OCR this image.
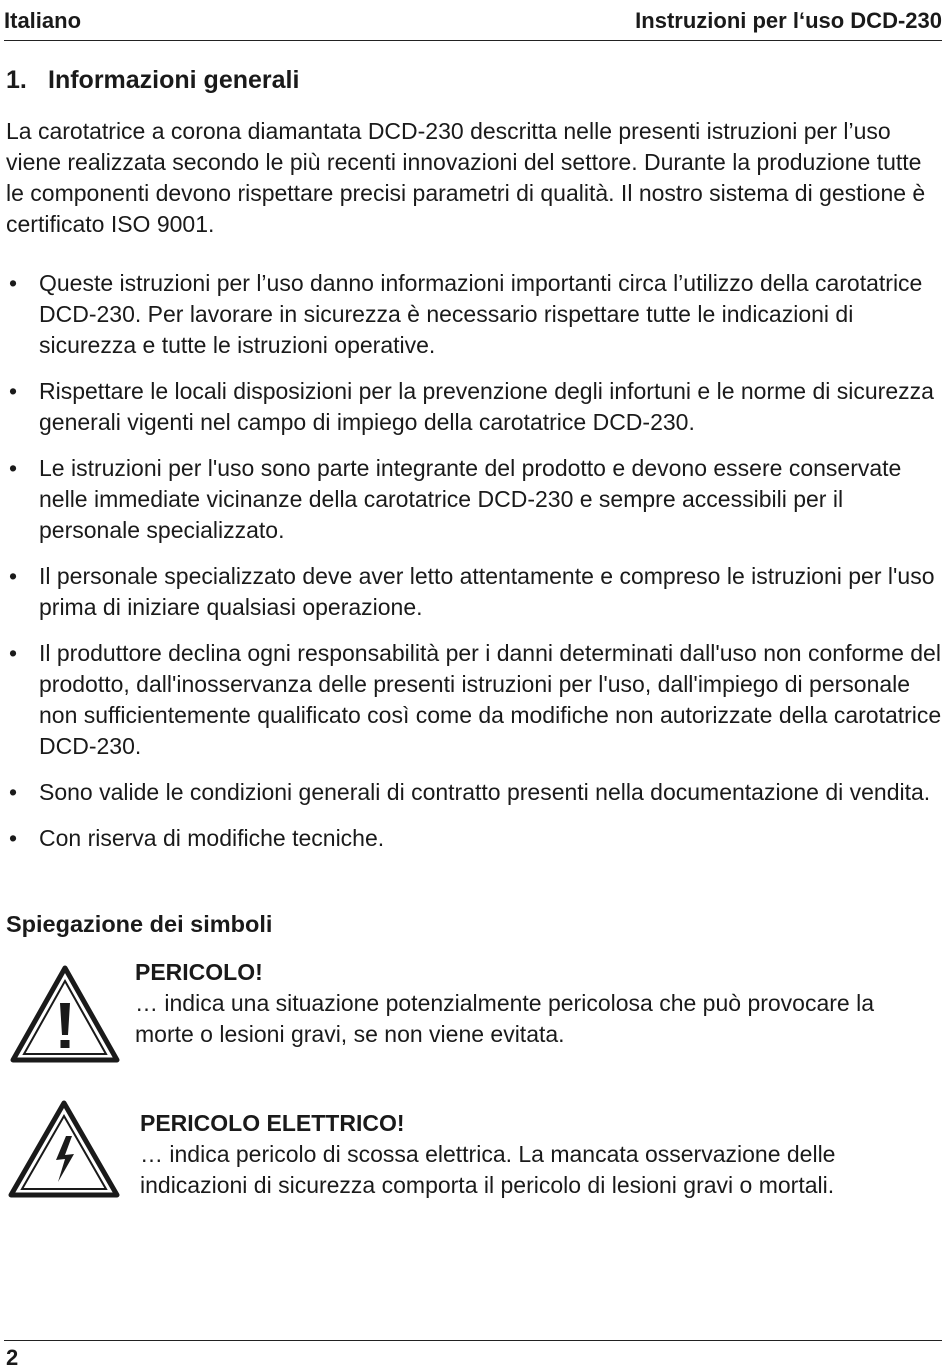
Italiano	Instruzioni per l‘uso DCD-230
1. Informazioni generali

La carotatrice a corona diamantata DCD-230 descritta nelle presenti istruzioni per l’uso viene realizzata secondo le più recenti innovazioni del settore. Durante la produzione tutte le componenti devono rispettare precisi parametri di qualità. Il nostro sistema di gestione è certificato ISO 9001.

• Queste istruzioni per l’uso danno informazioni importanti circa l’utilizzo della carotatrice DCD-230. Per lavorare in sicurezza è necessario rispettare tutte le indicazioni di sicurezza e tutte le istruzioni operative.
• Rispettare le locali disposizioni per la prevenzione degli infortuni e le norme di sicurezza generali vigenti nel campo di impiego della carotatrice DCD-230.
• Le istruzioni per l'uso sono parte integrante del prodotto e devono essere conservate nelle immediate vicinanze della carotatrice DCD-230 e sempre accessibili per il personale specializzato.
• Il personale specializzato deve aver letto attentamente e compreso le istruzioni per l'uso prima di iniziare qualsiasi operazione.
• Il produttore declina ogni responsabilità per i danni determinati dall'uso non conforme del prodotto, dall'inosservanza delle presenti istruzioni per l'uso, dall'impiego di personale non sufficientemente qualificato così come da modifiche non autorizzate della carotatrice DCD-230.
• Sono valide le condizioni generali di contratto presenti nella documentazione di vendita.
• Con riserva di modifiche tecniche.
Spiegazione dei simboli
PERICOLO!
… indica una situazione potenzialmente pericolosa che può provocare la morte o lesioni gravi, se non viene evitata.
PERICOLO ELETTRICO!
… indica pericolo di scossa elettrica. La mancata osservazione delle indicazioni di sicurezza comporta il pericolo di lesioni gravi o mortali.
2
